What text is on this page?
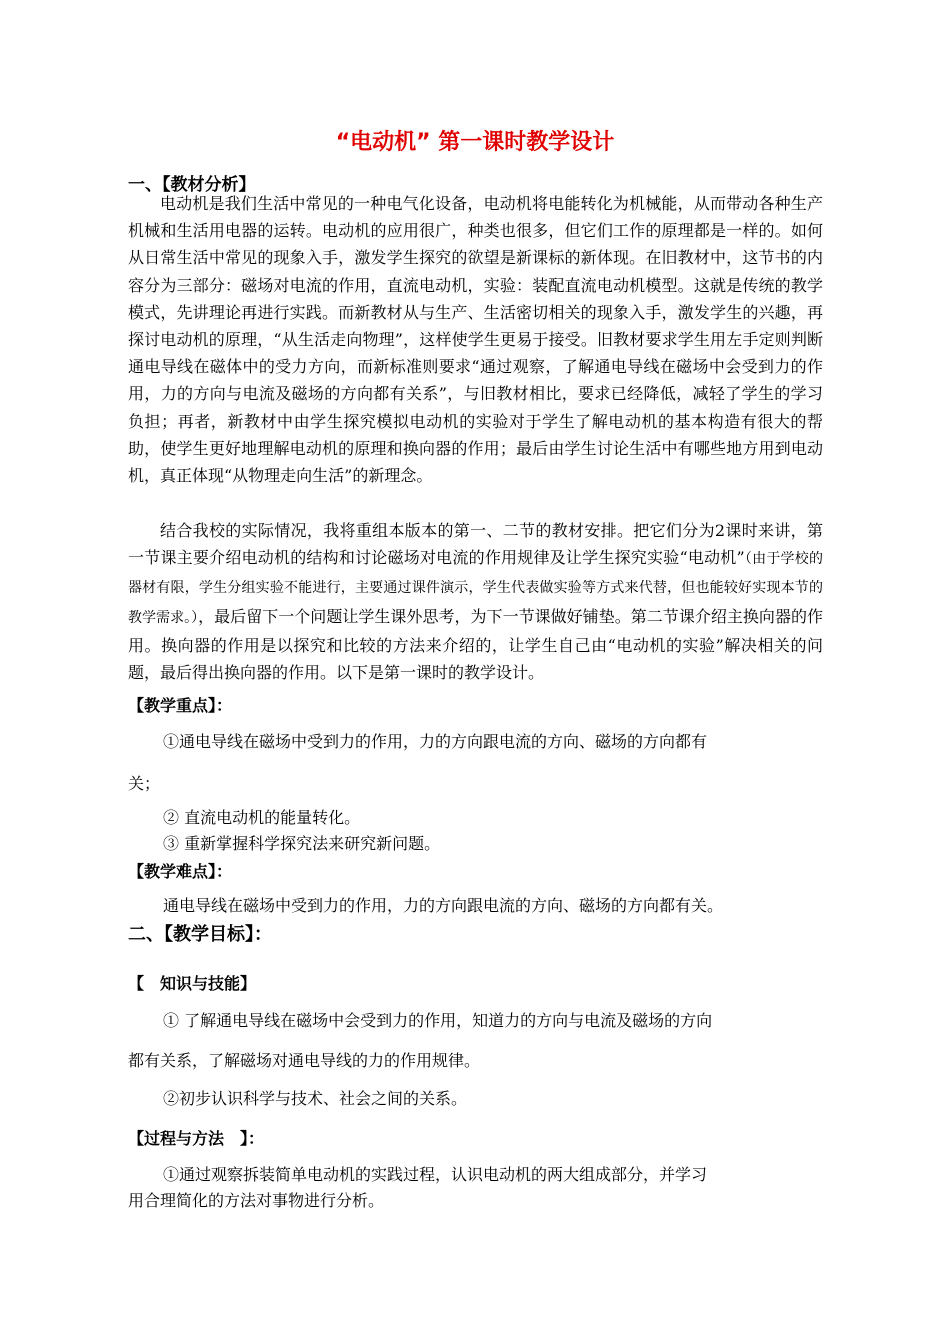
“电动机” 第一课时教学设计
一、【教材分析】

电动机是我们生活中常见的一种电气化设备，电动机将电能转化为机械能，从而带动各种生产机械和生活用电器的运转。电动机的应用很广，种类也很多，但它们工作的原理都是一样的。如何从日常生活中常见的现象入手，激发学生探究的欲望是新课标的新体现。在旧教材中，这节书的内容分为三部分：磁场对电流的作用，直流电动机，实验：装配直流电动机模型。这就是传统的教学模式，先讲理论再进行实践。而新教材从与生产、生活密切相关的现象入手，激发学生的兴趣，再探讨电动机的原理，“从生活走向物理”，这样使学生更易于接受。旧教材要求学生用左手定则判断通电导线在磁体中的受力方向，而新标准则要求“通过观察，了解通电导线在磁场中会受到力的作用，力的方向与电流及磁场的方向都有关系”，与旧教材相比，要求已经降低，减轻了学生的学习负担；再者，新教材中由学生探究模拟电动机的实验对于学生了解电动机的基本构造有很大的帮助，使学生更好地理解电动机的原理和换向器的作用；最后由学生讨论生活中有哪些地方用到电动机，真正体现“从物理走向生活”的新理念。

结合我校的实际情况，我将重组本版本的第一、二节的教材安排。把它们分为2课时来讲，第一节课主要介绍电动机的结构和讨论磁场对电流的作用规律及让学生探究实验“电动机”（由于学校的器材有限，学生分组实验不能进行，主要通过课件演示，学生代表做实验等方式来代替，但也能较好实现本节的教学需求。），最后留下一个问题让学生课外思考，为下一节课做好铺垫。第二节课介绍主换向器的作用。换向器的作用是以探究和比较的方法来介绍的，让学生自己由“电动机的实验”解决相关的问题，最后得出换向器的作用。以下是第一课时的教学设计。

【教学重点】：
①通电导线在磁场中受到力的作用，力的方向跟电流的方向、磁场的方向都有
关；
② 直流电动机的能量转化。
③ 重新掌握科学探究法来研究新问题。
【教学难点】：
通电导线在磁场中受到力的作用，力的方向跟电流的方向、磁场的方向都有关。
二、【教学目标】：
【　知识与技能】
① 了解通电导线在磁场中会受到力的作用，知道力的方向与电流及磁场的方向
都有关系，了解磁场对通电导线的力的作用规律。
②初步认识科学与技术、社会之间的关系。
【过程与方法　】：
①通过观察拆装简单电动机的实践过程，认识电动机的两大组成部分，并学习
用合理简化的方法对事物进行分析。
